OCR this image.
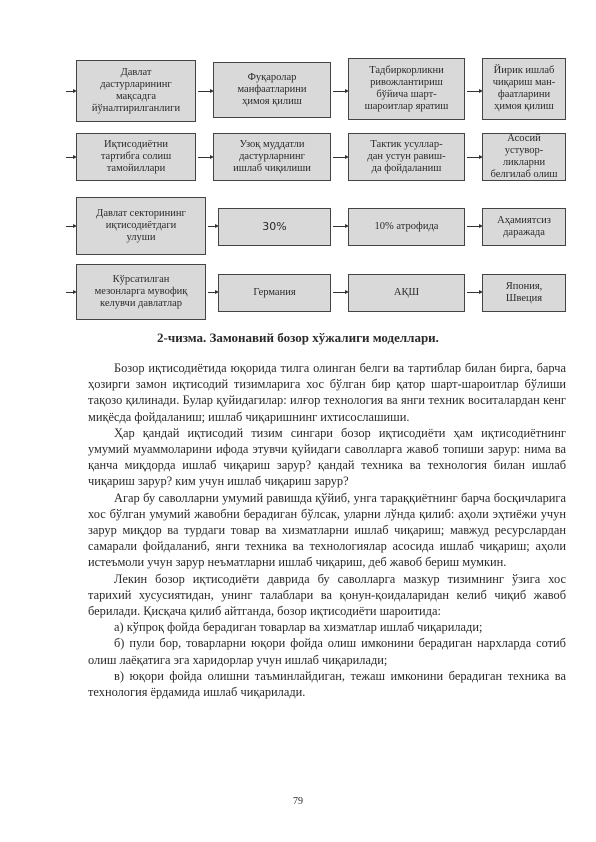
Давлат
дастурларининг
мақсадга
йўналтирилганлиги
Фуқаролар
манфаатларини
ҳимоя қилиш
Тадбиркорликни
ривожлантириш
бўйича шарт-
шароитлар яратиш
Йирик ишлаб
чиқариш ман-
фаатларини
ҳимоя қилиш
Иқтисодиётни
тартибга солиш
тамойиллари
Узоқ муддатли
дастурларнинг
ишлаб чиқилиши
Тактик усуллар-
дан устун равиш-
да фойдаланиш
Асосий устувор-
ликларни
белгилаб олиш
Давлат секторининг
иқтисодиётдаги
улуши
30%	10% атрофида
Аҳамиятсиз
даражада
Кўрсатилган
мезонларга мувофиқ
келувчи давлатлар
Германия	АҚШ
Япония, Швеция
2-чизма. Замонавий бозор хўжалиги моделлари.

Бозор иқтисодиётида юқорида тилга олинган белги ва тартиблар билан бирга, барча ҳозирги замон иқтисодий тизимларига хос бўлган бир қатор шарт-шароитлар бўлиши тақозо қилинади. Булар қуйидагилар: илғор технология ва янги техник воситалардан кенг миқёсда фойдаланиш; ишлаб чиқаришнинг ихтисослашиши.

Ҳар қандай иқтисодий тизим сингари бозор иқтисодиёти ҳам иқтисодиётнинг умумий муаммоларини ифода этувчи қуйидаги саволларга жавоб топиши зарур: нима ва қанча миқдорда ишлаб чиқариш зарур? қандай техника ва технология билан ишлаб чиқариш зарур? ким учун ишлаб чиқариш зарур?

Агар бу саволларни умумий равишда қўйиб, унга тараққиётнинг барча босқичларига хос бўлган умумий жавобни берадиган бўлсак, уларни лўнда қилиб: аҳоли эҳтиёжи учун зарур миқдор ва турдаги товар ва хизматларни ишлаб чиқариш; мавжуд ресурслардан самарали фойдаланиб, янги техника ва технологиялар асосида ишлаб чиқариш; аҳоли истеъмоли учун зарур неъматларни ишлаб чиқариш, деб жавоб бериш мумкин.

Лекин бозор иқтисодиёти даврида бу саволларга мазкур тизимнинг ўзига хос тарихий хусусиятидан, унинг талаблари ва қонун-қоидаларидан келиб чиқиб жавоб берилади. Қисқача қилиб айтганда, бозор иқтисодиёти шароитида:

а) кўпроқ фойда берадиган товарлар ва хизматлар ишлаб чиқарилади;

б) пули бор, товарларни юқори фойда олиш имконини берадиган нархларда сотиб олиш лаёқатига эга харидорлар учун ишлаб чиқарилади;

в) юқори фойда олишни таъминлайдиган, тежаш имконини берадиган техника ва технология ёрдамида ишлаб чиқарилади.

79
